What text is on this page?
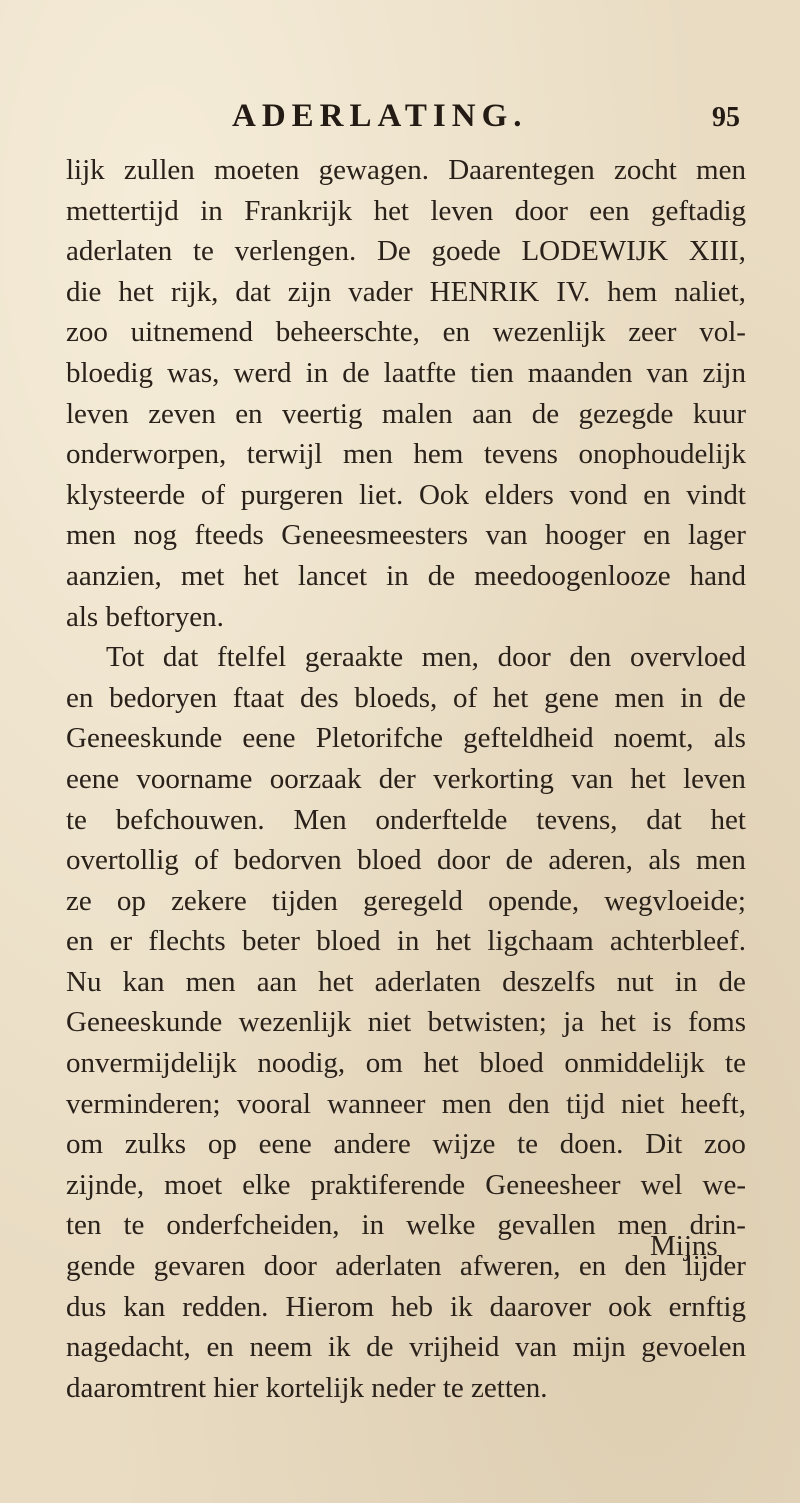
ADERLATING.	95
lijk zullen moeten gewagen. Daarentegen zocht men
mettertijd in Frankrijk het leven door een geftadig
aderlaten te verlengen. De goede LODEWIJK XIII,
die het rijk, dat zijn vader HENRIK IV. hem naliet,
zoo uitnemend beheerschte, en wezenlijk zeer vol-
bloedig was, werd in de laatfte tien maanden van zijn
leven zeven en veertig malen aan de gezegde kuur
onderworpen, terwijl men hem tevens onophoudelijk
klysteerde of purgeren liet. Ook elders vond en vindt
men nog fteeds Geneesmeesters van hooger en lager
aanzien, met het lancet in de meedoogenlooze hand
als beftoryen.
Tot dat ftelfel geraakte men, door den overvloed
en bedoryen ftaat des bloeds, of het gene men in de
Geneeskunde eene Pletorifche gefteldheid noemt, als
eene voorname oorzaak der verkorting van het leven
te befchouwen. Men onderftelde tevens, dat het
overtollig of bedorven bloed door de aderen, als men
ze op zekere tijden geregeld opende, wegvloeide;
en er flechts beter bloed in het ligchaam achterbleef.
Nu kan men aan het aderlaten deszelfs nut in de
Geneeskunde wezenlijk niet betwisten; ja het is foms
onvermijdelijk noodig, om het bloed onmiddelijk te
verminderen; vooral wanneer men den tijd niet heeft,
om zulks op eene andere wijze te doen. Dit zoo
zijnde, moet elke praktiferende Geneesheer wel we-
ten te onderfcheiden, in welke gevallen men drin-
gende gevaren door aderlaten afweren, en den lijder
dus kan redden. Hierom heb ik daarover ook ernftig
nagedacht, en neem ik de vrijheid van mijn gevoelen
daaromtrent hier kortelijk neder te zetten.
Mijns
